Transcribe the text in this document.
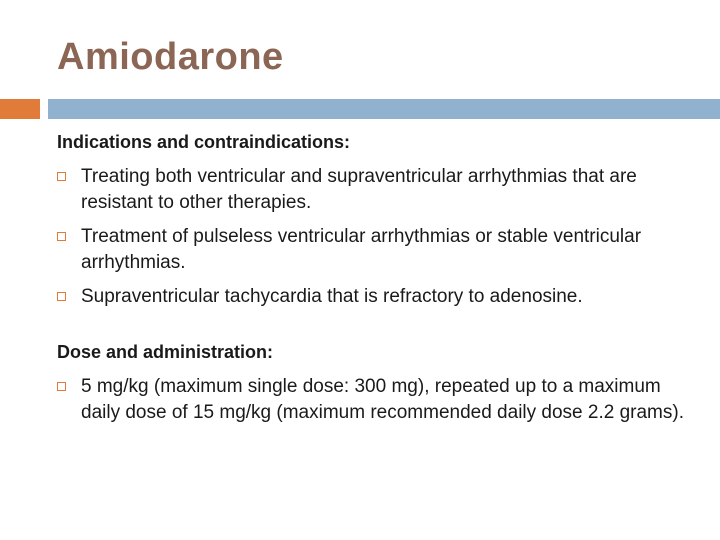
Amiodarone

Indications and contraindications:

Treating both ventricular and supraventricular arrhythmias that are resistant to other therapies.
Treatment of pulseless ventricular arrhythmias or stable ventricular arrhythmias.
Supraventricular tachycardia that is refractory to adenosine.

Dose and administration:

5 mg/kg (maximum single dose: 300 mg), repeated up to a maximum daily dose of 15 mg/kg (maximum recommended daily dose 2.2 grams).
